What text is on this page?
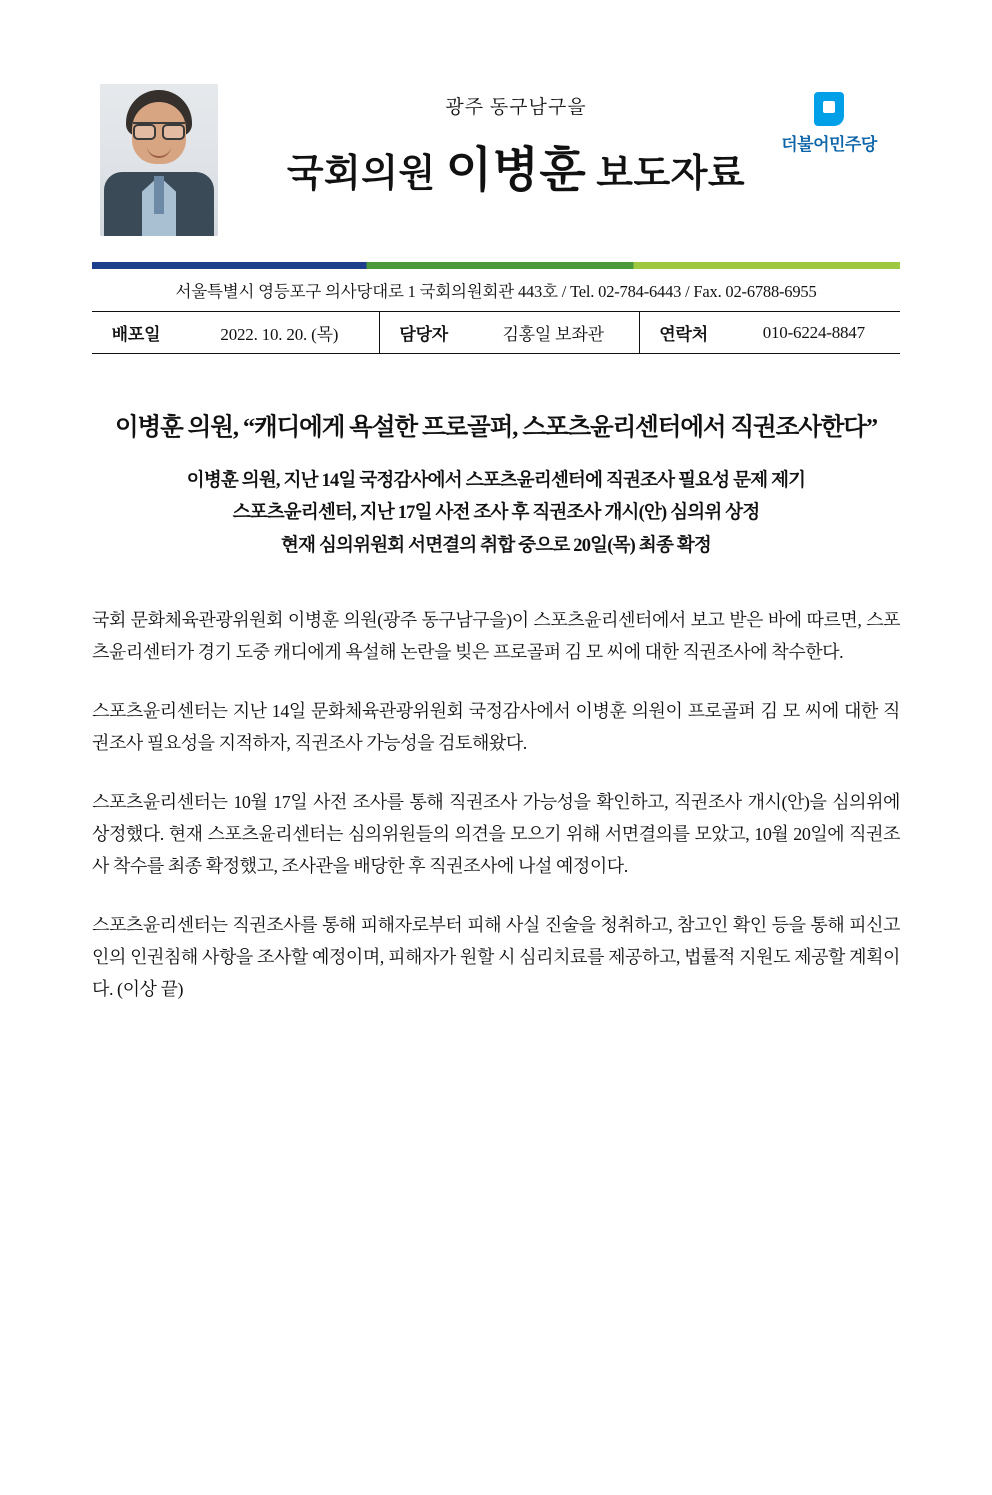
더불어민주당
광주 동구남구을
국회의원 이병훈 보도자료
서울특별시 영등포구 의사당대로 1 국회의원회관 443호 / Tel. 02-784-6443 / Fax. 02-6788-6955
배포일	2022. 10. 20. (목)		담당자	김홍일 보좌관		연락처	010-6224-8847
이병훈 의원, “캐디에게 욕설한 프로골퍼, 스포츠윤리센터에서 직권조사한다”
이병훈 의원, 지난 14일 국정감사에서 스포츠윤리센터에 직권조사 필요성 문제 제기
스포츠윤리센터, 지난 17일 사전 조사 후 직권조사 개시(안) 심의위 상정
현재 심의위원회 서면결의 취합 중으로 20일(목) 최종 확정

국회 문화체육관광위원회 이병훈 의원(광주 동구남구을)이 스포츠윤리센터에서 보고 받은 바에 따르면, 스포츠윤리센터가 경기 도중 캐디에게 욕설해 논란을 빚은 프로골퍼 김 모 씨에 대한 직권조사에 착수한다.

스포츠윤리센터는 지난 14일 문화체육관광위원회 국정감사에서 이병훈 의원이 프로골퍼 김 모 씨에 대한 직권조사 필요성을 지적하자, 직권조사 가능성을 검토해왔다.

스포츠윤리센터는 10월 17일 사전 조사를 통해 직권조사 가능성을 확인하고, 직권조사 개시(안)을 심의위에 상정했다. 현재 스포츠윤리센터는 심의위원들의 의견을 모으기 위해 서면결의를 모았고, 10월 20일에 직권조사 착수를 최종 확정했고, 조사관을 배당한 후 직권조사에 나설 예정이다.

스포츠윤리센터는 직권조사를 통해 피해자로부터 피해 사실 진술을 청취하고, 참고인 확인 등을 통해 피신고인의 인권침해 사항을 조사할 예정이며, 피해자가 원할 시 심리치료를 제공하고, 법률적 지원도 제공할 계획이다. (이상 끝)
